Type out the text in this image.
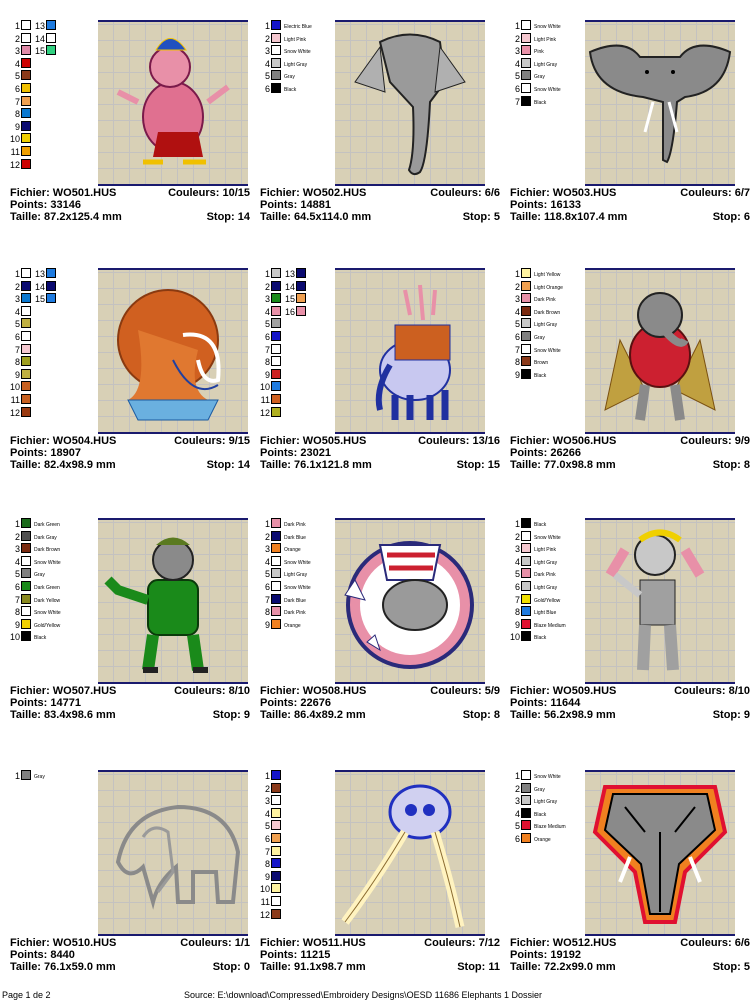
1
2
3
4
5
6
7
8
9
10
11
12
13
14
15
Fichier: WO501.HUS
Points: 33146
Taille: 87.2x125.4 mm
Couleurs: 10/15
Stop: 14
1	Electric Blue
2	Light Pink
3	Snow White
4	Light Gray
5	Gray
6	Black
Fichier: WO502.HUS
Points: 14881
Taille: 64.5x114.0 mm
Couleurs: 6/6
Stop: 5
1	Snow White
2	Light Pink
3	Pink
4	Light Gray
5	Gray
6	Snow White
7	Black
Fichier: WO503.HUS
Points: 16133
Taille: 118.8x107.4 mm
Couleurs: 6/7
Stop: 6
1
2
3
4
5
6
7
8
9
10
11
12
13
14
15
Fichier: WO504.HUS
Points: 18907
Taille: 82.4x98.9 mm
Couleurs: 9/15
Stop: 14
1
2
3
4
5
6
7
8
9
10
11
12
13
14
15
16
Fichier: WO505.HUS
Points: 23021
Taille: 76.1x121.8 mm
Couleurs: 13/16
Stop: 15
1	Light Yellow
2	Light Orange
3	Dark Pink
4	Dark Brown
5	Light Gray
6	Gray
7	Snow White
8	Brown
9	Black
Fichier: WO506.HUS
Points: 26266
Taille: 77.0x98.8 mm
Couleurs: 9/9
Stop: 8
1	Dark Green
2	Dark Gray
3	Dark Brown
4	Snow White
5	Gray
6	Dark Green
7	Dark Yellow
8	Snow White
9	Gold/Yellow
10	Black
Fichier: WO507.HUS
Points: 14771
Taille: 83.4x98.6 mm
Couleurs: 8/10
Stop: 9
1	Dark Pink
2	Dark Blue
3	Orange
4	Snow White
5	Light Gray
6	Snow White
7	Dark Blue
8	Dark Pink
9	Orange
Fichier: WO508.HUS
Points: 22676
Taille: 86.4x89.2 mm
Couleurs: 5/9
Stop: 8
1	Black
2	Snow White
3	Light Pink
4	Light Gray
5	Dark Pink
6	Light Gray
7	Gold/Yellow
8	Light Blue
9	Blaze Medium
10	Black
Fichier: WO509.HUS
Points: 11644
Taille: 56.2x98.9 mm
Couleurs: 8/10
Stop: 9
1	Gray
Fichier: WO510.HUS
Points: 8440
Taille: 76.1x59.0 mm
Couleurs: 1/1
Stop: 0
1
2
3
4
5
6
7
8
9
10
11
12
Fichier: WO511.HUS
Points: 11215
Taille: 91.1x98.7 mm
Couleurs: 7/12
Stop: 11
1	Snow White
2	Gray
3	Light Gray
4	Black
5	Blaze Medium
6	Orange
Fichier: WO512.HUS
Points: 19192
Taille: 72.2x99.0 mm
Couleurs: 6/6
Stop: 5
Page 1 de 2	Source: E:\download\Compressed\Embroidery Designs\OESD 11686 Elephants 1 Dossier
